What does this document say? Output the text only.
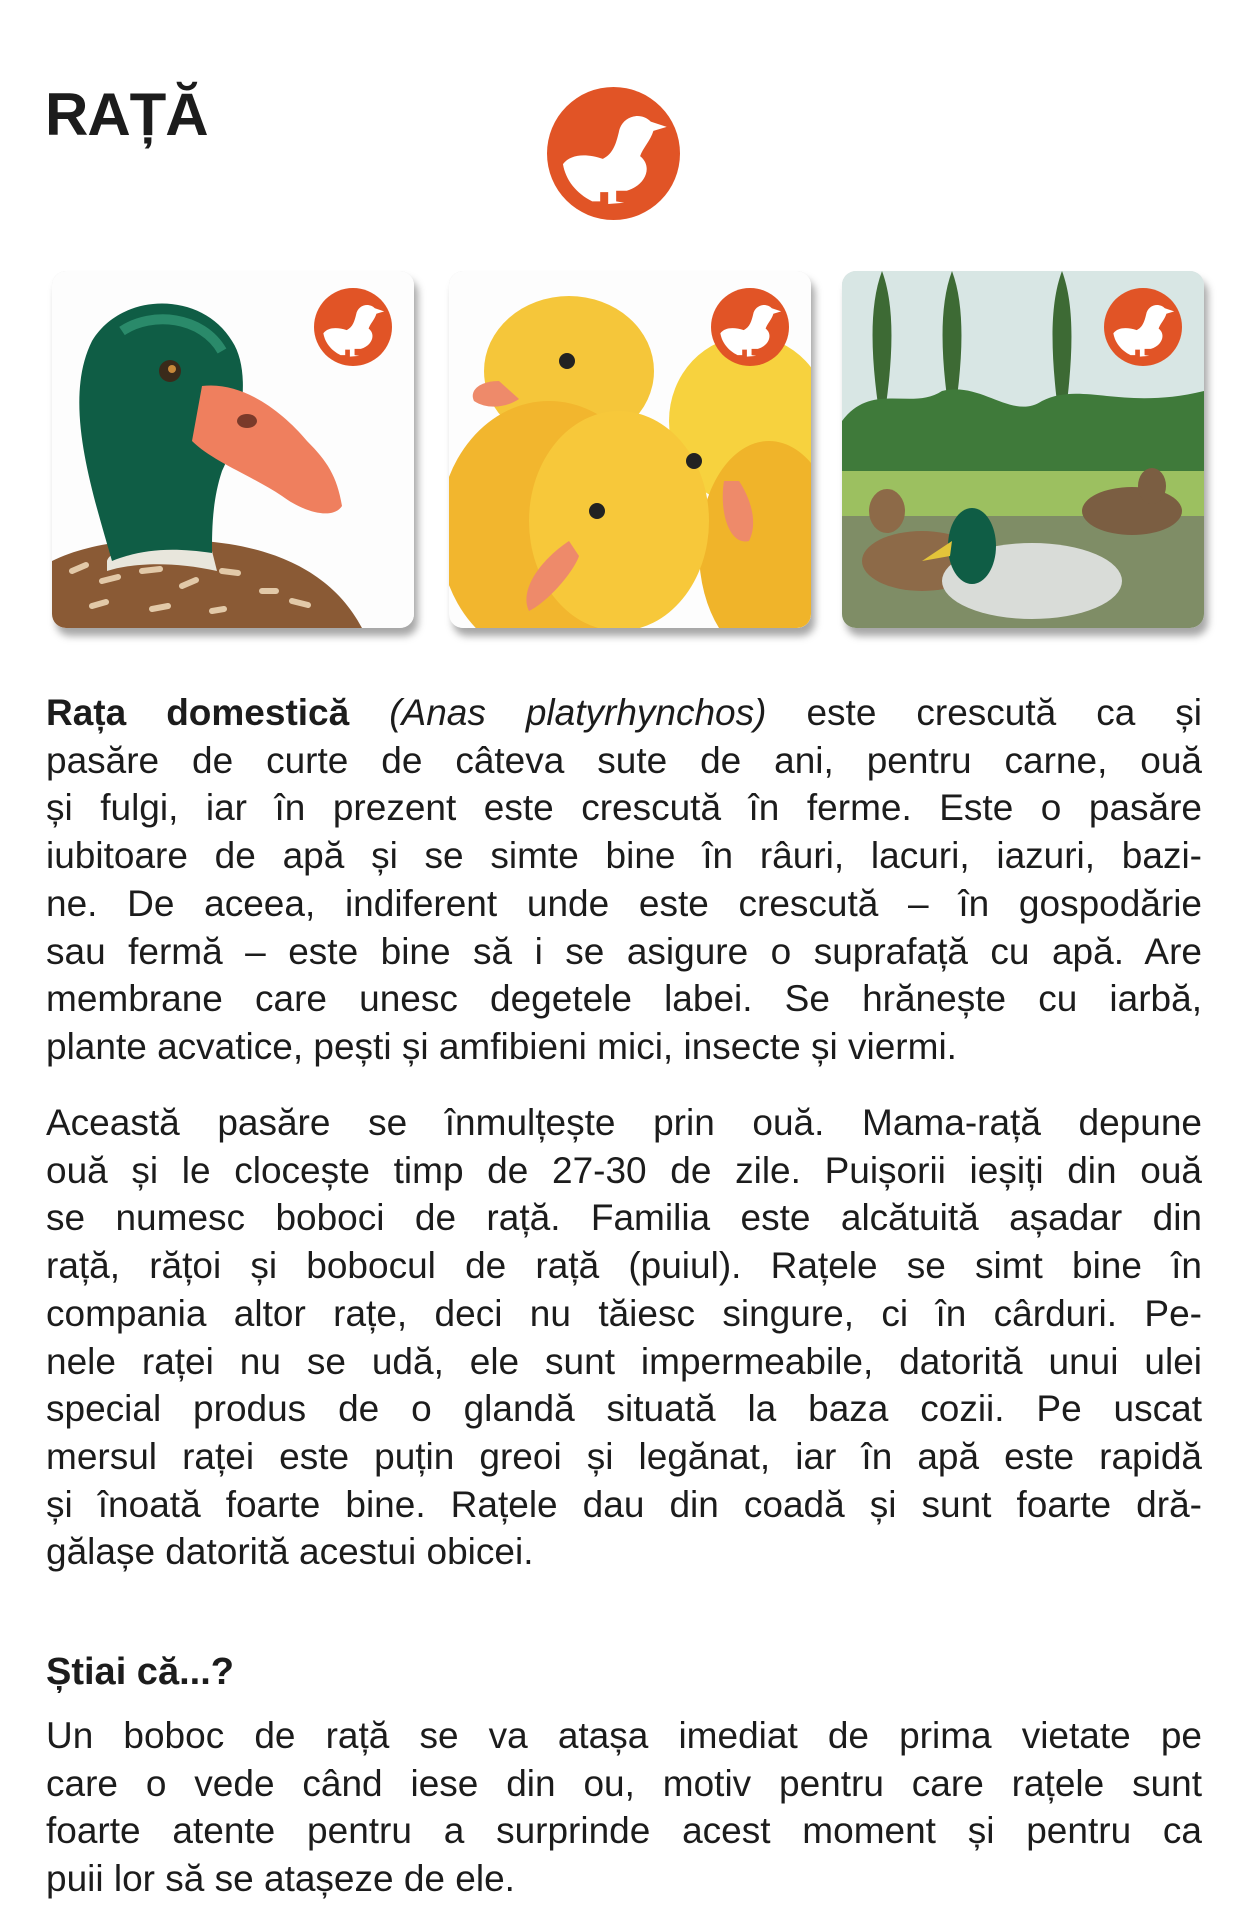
RAȚĂ
Rața domestică (Anas platyrhynchos) este crescută ca și
pasăre de curte de câteva sute de ani, pentru carne, ouă
și fulgi, iar în prezent este crescută în ferme. Este o pasăre
iubitoare de apă și se simte bine în râuri, lacuri, iazuri, bazi-
ne. De aceea, indiferent unde este crescută – în gospodărie
sau fermă – este bine să i se asigure o suprafață cu apă. Are
membrane care unesc degetele labei. Se hrănește cu iarbă,
plante acvatice, pești și amfibieni mici, insecte și viermi.
Această pasăre se înmulțește prin ouă. Mama-rață depune
ouă și le clocește timp de 27-30 de zile. Puișorii ieșiți din ouă
se numesc boboci de rață. Familia este alcătuită așadar din
rață, rățoi și bobocul de rață (puiul). Rațele se simt bine în
compania altor rațe, deci nu tăiesc singure, ci în cârduri. Pe-
nele raței nu se udă, ele sunt impermeabile, datorită unui ulei
special produs de o glandă situată la baza cozii. Pe uscat
mersul raței este puțin greoi și legănat, iar în apă este rapidă
și înoată foarte bine. Rațele dau din coadă și sunt foarte dră-
gălașe datorită acestui obicei.
Știai că...?
Un boboc de rață se va atașa imediat de prima vietate pe
care o vede când iese din ou, motiv pentru care rațele sunt
foarte atente pentru a surprinde acest moment și pentru ca
puii lor să se atașeze de ele.
